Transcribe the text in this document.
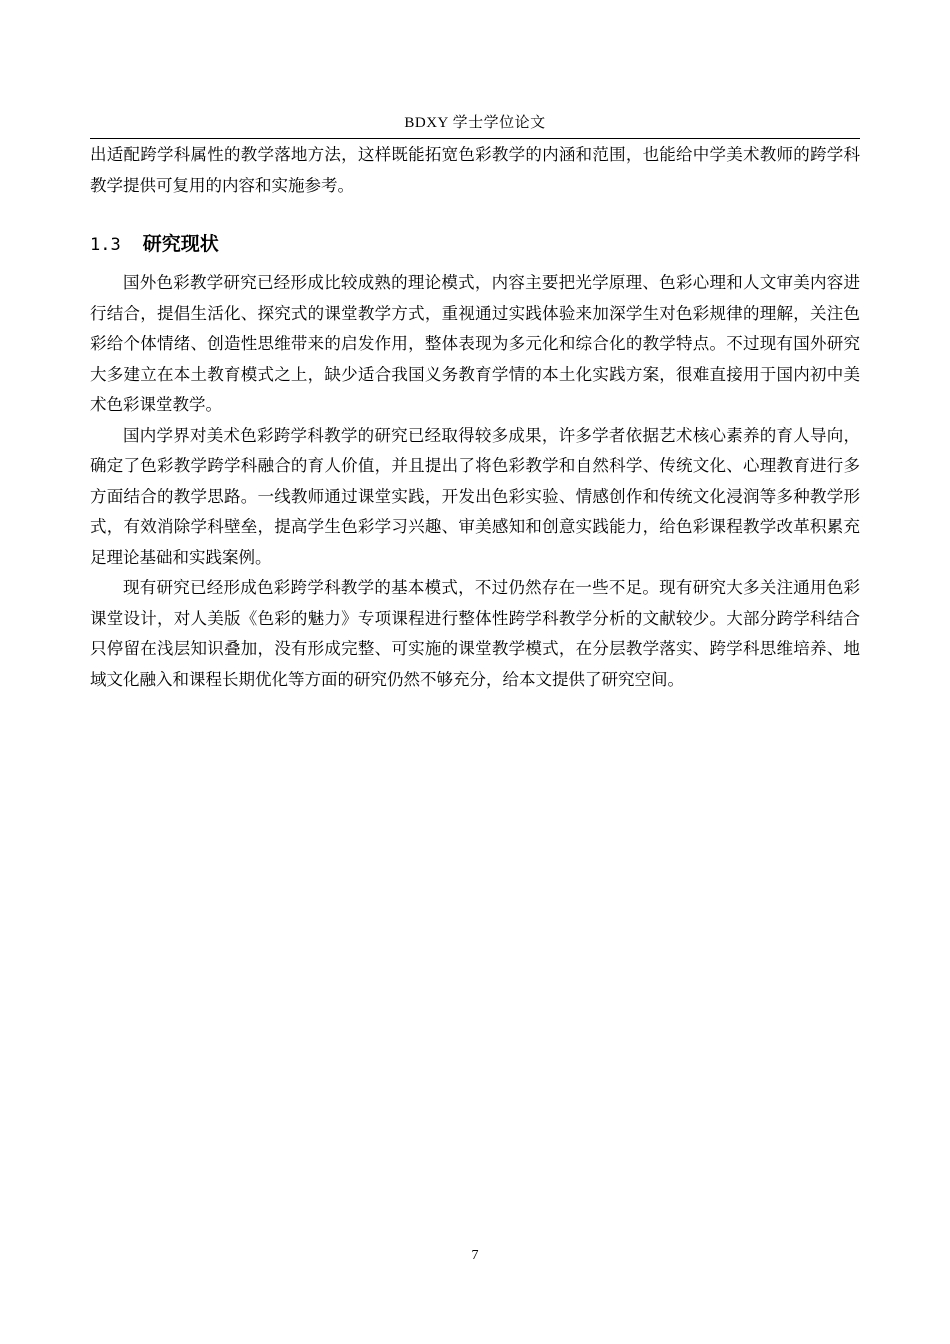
BDXY 学士学位论文

出适配跨学科属性的教学落地方法，这样既能拓宽色彩教学的内涵和范围，也能给中学美术教师的跨学科教学提供可复用的内容和实施参考。

1.3 研究现状

国外色彩教学研究已经形成比较成熟的理论模式，内容主要把光学原理、色彩心理和人文审美内容进行结合，提倡生活化、探究式的课堂教学方式，重视通过实践体验来加深学生对色彩规律的理解，关注色彩给个体情绪、创造性思维带来的启发作用，整体表现为多元化和综合化的教学特点。不过现有国外研究大多建立在本土教育模式之上，缺少适合我国义务教育学情的本土化实践方案，很难直接用于国内初中美术色彩课堂教学。

国内学界对美术色彩跨学科教学的研究已经取得较多成果，许多学者依据艺术核心素养的育人导向，确定了色彩教学跨学科融合的育人价值，并且提出了将色彩教学和自然科学、传统文化、心理教育进行多方面结合的教学思路。一线教师通过课堂实践，开发出色彩实验、情感创作和传统文化浸润等多种教学形式，有效消除学科壁垒，提高学生色彩学习兴趣、审美感知和创意实践能力，给色彩课程教学改革积累充足理论基础和实践案例。

现有研究已经形成色彩跨学科教学的基本模式，不过仍然存在一些不足。现有研究大多关注通用色彩课堂设计，对人美版《色彩的魅力》专项课程进行整体性跨学科教学分析的文献较少。大部分跨学科结合只停留在浅层知识叠加，没有形成完整、可实施的课堂教学模式，在分层教学落实、跨学科思维培养、地域文化融入和课程长期优化等方面的研究仍然不够充分，给本文提供了研究空间。

7
